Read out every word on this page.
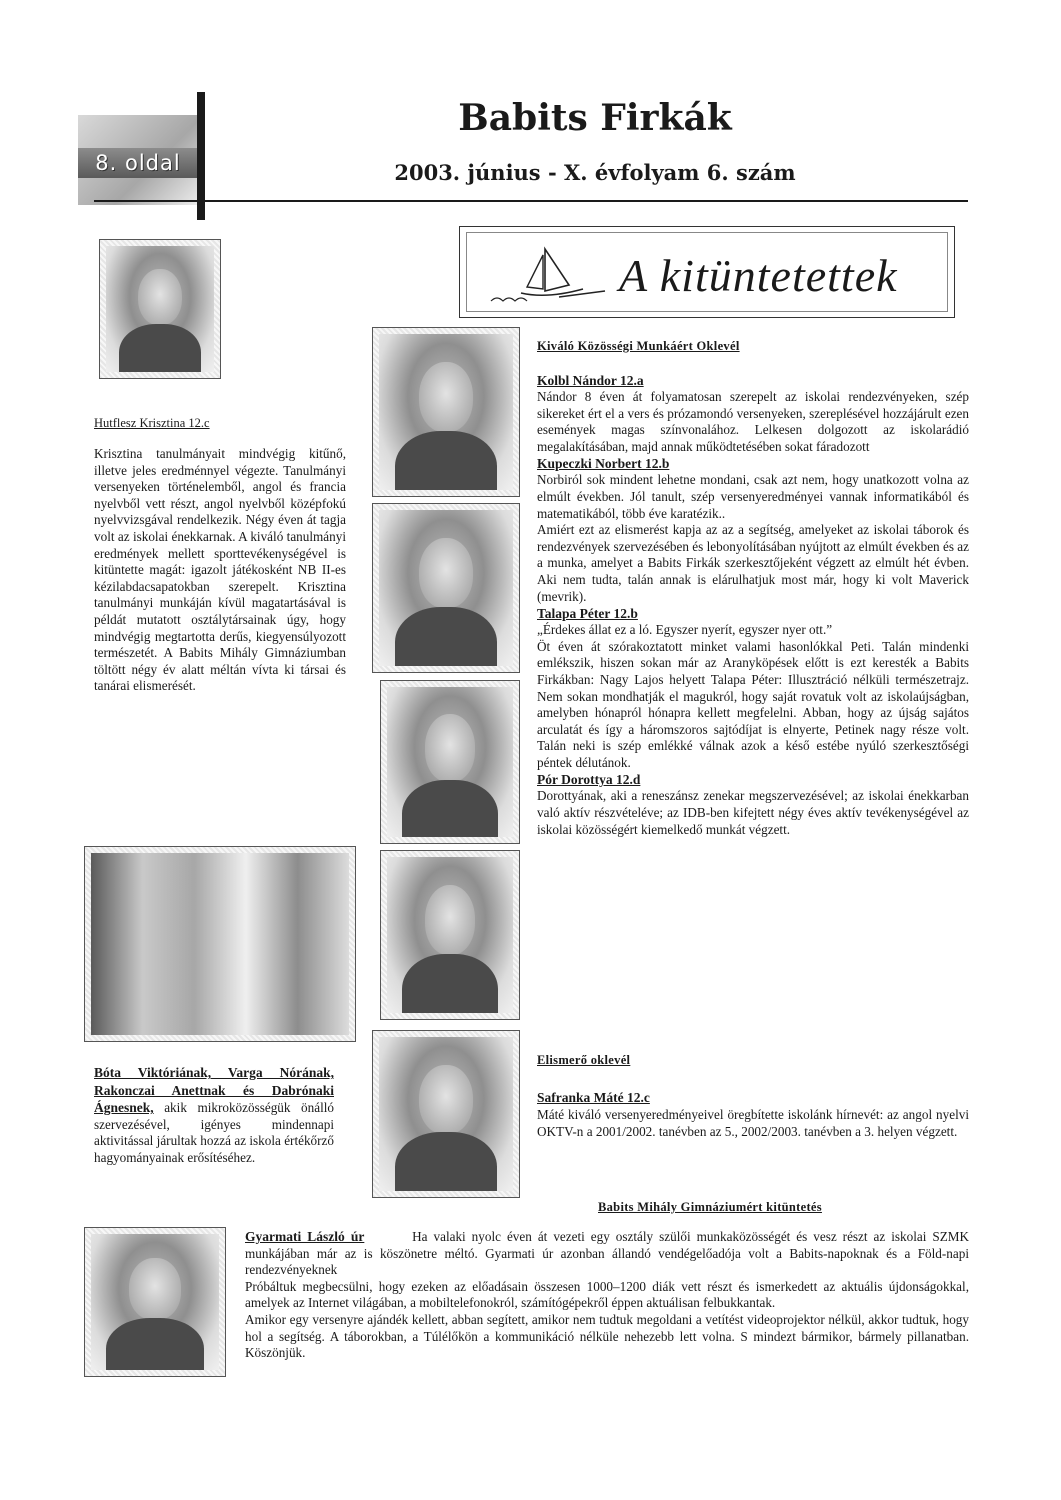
8. oldal
Babits Firkák
2003. június - X. évfolyam 6. szám
A kitüntetettek
Hutflesz Krisztina 12.c
Krisztina tanulmányait mindvégig kitűnő, illetve jeles eredménnyel végezte. Tanulmányi versenyeken történelemből, angol és francia nyelvből vett részt, angol nyelvből középfokú nyelvvizsgával rendelkezik. Négy éven át tagja volt az iskolai énekkarnak. A kiváló tanulmányi eredmények mellett sporttevékenységével is kitüntette magát: igazolt játékosként NB II-es kézilabdacsapatokban szerepelt. Krisztina tanulmányi munkáján kívül magatartásával is példát mutatott osztálytársainak úgy, hogy mindvégig megtartotta derűs, kiegyensúlyozott természetét. A Babits Mihály Gimnáziumban töltött négy év alatt méltán vívta ki társai és tanárai elismerését.
Bóta Viktóriának, Varga Nórának, Rakonczai Anettnak és Dabrónaki Ágnesnek, akik mikroközösségük önálló szervezésével, igényes mindennapi aktivitással járultak hozzá az iskola értékőrző hagyományainak erősítéséhez.
Kiváló Közösségi Munkáért Oklevél
Kolbl Nándor 12.a

Nándor 8 éven át folyamatosan szerepelt az iskolai rendezvényeken, szép sikereket ért el a vers és prózamondó versenyeken, szereplésével hozzájárult ezen események magas színvonalához. Lelkesen dolgozott az iskolarádió megalakításában, majd annak működtetésében sokat fáradozott

Kupeczki Norbert 12.b

Norbiról sok mindent lehetne mondani, csak azt nem, hogy unatkozott volna az elmúlt években. Jól tanult, szép versenyeredményei vannak informatikából és matematikából, több éve karatézik..

Amiért ezt az elismerést kapja az az a segítség, amelyeket az iskolai táborok és rendezvények szervezésében és lebonyolításában nyújtott az elmúlt években és az a munka, amelyet a Babits Firkák szerkesztőjeként végzett az elmúlt hét évben. Aki nem tudta, talán annak is elárulhatjuk most már, hogy ki volt Maverick (mevrik).

Talapa Péter 12.b

„Érdekes állat ez a ló. Egyszer nyerít, egyszer nyer ott.”

Öt éven át szórakoztatott minket valami hasonlókkal Peti. Talán mindenki emlékszik, hiszen sokan már az Aranyköpések előtt is ezt keresték a Babits Firkákban: Nagy Lajos helyett Talapa Péter: Illusztráció nélküli természetrajz. Nem sokan mondhatják el magukról, hogy saját rovatuk volt az iskolaújságban, amelyben hónapról hónapra kellett megfelelni. Abban, hogy az újság sajátos arculatát és így a háromszoros sajtódíjat is elnyerte, Petinek nagy része volt. Talán neki is szép emlékké válnak azok a késő estébe nyúló szerkesztőségi péntek délutánok.

Pór Dorottya 12.d

Dorottyának, aki a reneszánsz zenekar megszervezésével; az iskolai énekkarban való aktív részvételéve; az IDB-ben kifejtett négy éves aktív tevékenységével az iskolai közösségért kiemelkedő munkát végzett.

Elismerő oklevél
Safranka Máté 12.c
Máté kiváló versenyeredményeivel öregbítette iskolánk hírnevét: az angol nyelvi OKTV-n a 2001/2002. tanévben az 5., 2002/2003. tanévben a 3. helyen végzett.
Babits Mihály Gimnáziumért kitüntetés

Gyarmati László úr	Ha valaki nyolc éven át vezeti egy osztály szülői munkaközösségét és vesz részt az iskolai SZMK munkájában már az is köszönetre méltó. Gyarmati úr azonban állandó vendégelőadója volt a Babits-napoknak és a Föld-napi rendezvényeknek

Próbáltuk megbecsülni, hogy ezeken az előadásain összesen 1000–1200 diák vett részt és ismerkedett az aktuális újdonságokkal, amelyek az Internet világában, a mobiltelefonokról, számítógépekről éppen aktuálisan felbukkantak.

Amikor egy versenyre ajándék kellett, abban segített, amikor nem tudtuk megoldani a vetítést videoprojektor nélkül, akkor tudtuk, hogy hol a segítség. A táborokban, a Túlélőkön a kommunikáció nélküle nehezebb lett volna. S mindezt bármikor, bármely pillanatban. Köszönjük.
